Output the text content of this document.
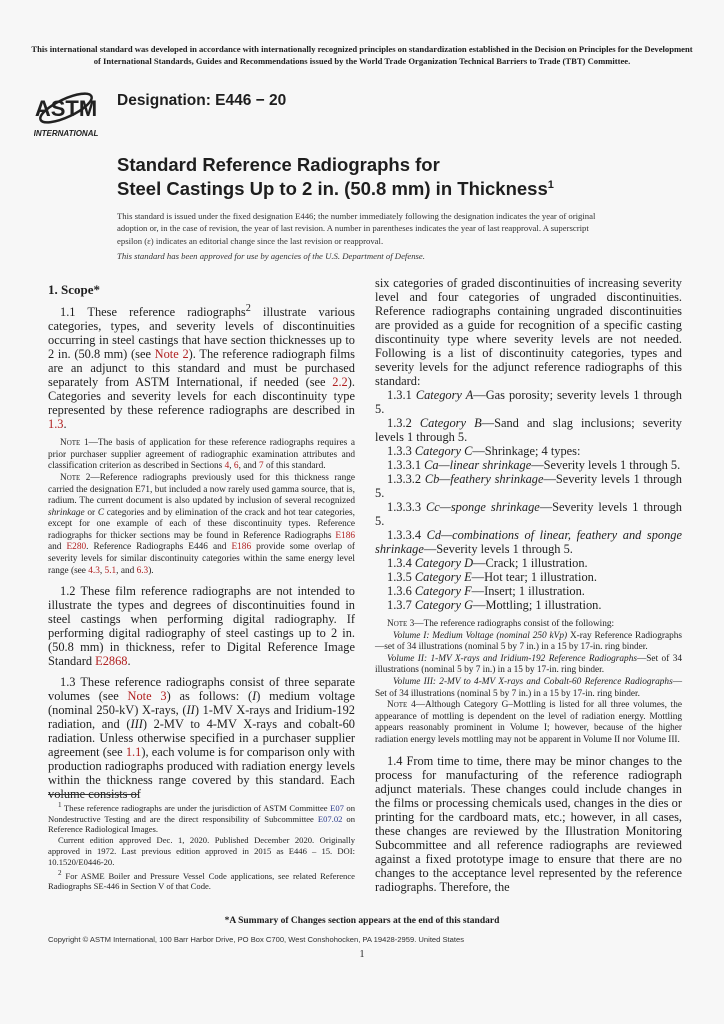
This international standard was developed in accordance with internationally recognized principles on standardization established in the Decision on Principles for the Development of International Standards, Guides and Recommendations issued by the World Trade Organization Technical Barriers to Trade (TBT) Committee.
ASTM
INTERNATIONAL
Designation: E446 − 20
Standard Reference Radiographs for
Steel Castings Up to 2 in. (50.8 mm) in Thickness$^1$
This standard is issued under the fixed designation E446; the number immediately following the designation indicates the year of original adoption or, in the case of revision, the year of last revision. A number in parentheses indicates the year of last reapproval. A superscript epsilon (ε) indicates an editorial change since the last revision or reapproval.
This standard has been approved for use by agencies of the U.S. Department of Defense.
1. Scope*

1.1 These reference radiographs$^2$ illustrate various categories, types, and severity levels of discontinuities occurring in steel castings that have section thicknesses up to 2 in. (50.8 mm) (see Note 2). The reference radiograph films are an adjunct to this standard and must be purchased separately from ASTM International, if needed (see 2.2). Categories and severity levels for each discontinuity type represented by these reference radiographs are described in 1.3.

Note 1—The basis of application for these reference radiographs requires a prior purchaser supplier agreement of radiographic examination attributes and classification criterion as described in Sections 4, 6, and 7 of this standard.

Note 2—Reference radiographs previously used for this thickness range carried the designation E71, but included a now rarely used gamma source, that is, radium. The current document is also updated by inclusion of several recognized shrinkage or C categories and by elimination of the crack and hot tear categories, except for one example of each of these discontinuity types. Reference radiographs for thicker sections may be found in Reference Radiographs E186 and E280. Reference Radiographs E446 and E186 provide some overlap of severity levels for similar discontinuity categories within the same energy level range (see 4.3, 5.1, and 6.3).

1.2 These film reference radiographs are not intended to illustrate the types and degrees of discontinuities found in steel castings when performing digital radiography. If performing digital radiography of steel castings up to 2 in. (50.8 mm) in thickness, refer to Digital Reference Image Standard E2868.

1.3 These reference radiographs consist of three separate volumes (see Note 3) as follows: (I) medium voltage (nominal 250-kV) X-rays, (II) 1-MV X-rays and Iridium-192 radiation, and (III) 2-MV to 4-MV X-rays and cobalt-60 radiation. Unless otherwise specified in a purchaser supplier agreement (see 1.1), each volume is for comparison only with production radiographs produced with radiation energy levels within the thickness range covered by this standard. Each volume consists of

six categories of graded discontinuities of increasing severity level and four categories of ungraded discontinuities. Reference radiographs containing ungraded discontinuities are provided as a guide for recognition of a specific casting discontinuity type where severity levels are not needed. Following is a list of discontinuity categories, types and severity levels for the adjunct reference radiographs of this standard:

1.3.1 Category A—Gas porosity; severity levels 1 through 5.

1.3.2 Category B—Sand and slag inclusions; severity levels 1 through 5.

1.3.3 Category C—Shrinkage; 4 types:

1.3.3.1 Ca—linear shrinkage—Severity levels 1 through 5.

1.3.3.2 Cb—feathery shrinkage—Severity levels 1 through 5.

1.3.3.3 Cc—sponge shrinkage—Severity levels 1 through 5.

1.3.3.4 Cd—combinations of linear, feathery and sponge shrinkage—Severity levels 1 through 5.

1.3.4 Category D—Crack; 1 illustration.

1.3.5 Category E—Hot tear; 1 illustration.

1.3.6 Category F—Insert; 1 illustration.

1.3.7 Category G—Mottling; 1 illustration.

Note 3—The reference radiographs consist of the following:

Volume I: Medium Voltage (nominal 250 kVp) X-ray Reference Radiographs—set of 34 illustrations (nominal 5 by 7 in.) in a 15 by 17-in. ring binder.

Volume II: 1-MV X-rays and Iridium-192 Reference Radiographs—Set of 34 illustrations (nominal 5 by 7 in.) in a 15 by 17-in. ring binder.

Volume III: 2-MV to 4-MV X-rays and Cobalt-60 Reference Radiographs—Set of 34 illustrations (nominal 5 by 7 in.) in a 15 by 17-in. ring binder.

Note 4—Although Category G–Mottling is listed for all three volumes, the appearance of mottling is dependent on the level of radiation energy. Mottling appears reasonably prominent in Volume I; however, because of the higher radiation energy levels mottling may not be apparent in Volume II nor Volume III.

1.4 From time to time, there may be minor changes to the process for manufacturing of the reference radiograph adjunct materials. These changes could include changes in the films or processing chemicals used, changes in the dies or printing for the cardboard mats, etc.; however, in all cases, these changes are reviewed by the Illustration Monitoring Subcommittee and all reference radiographs are reviewed against a fixed prototype image to ensure that there are no changes to the acceptance level represented by the reference radiographs. Therefore, the

$^1$ These reference radiographs are under the jurisdiction of ASTM Committee E07 on Nondestructive Testing and are the direct responsibility of Subcommittee E07.02 on Reference Radiological Images.

Current edition approved Dec. 1, 2020. Published December 2020. Originally approved in 1972. Last previous edition approved in 2015 as E446 – 15. DOI: 10.1520/E0446-20.

$^2$ For ASME Boiler and Pressure Vessel Code applications, see related Reference Radiographs SE-446 in Section V of that Code.

*A Summary of Changes section appears at the end of this standard
Copyright © ASTM International, 100 Barr Harbor Drive, PO Box C700, West Conshohocken, PA 19428-2959. United States
1
